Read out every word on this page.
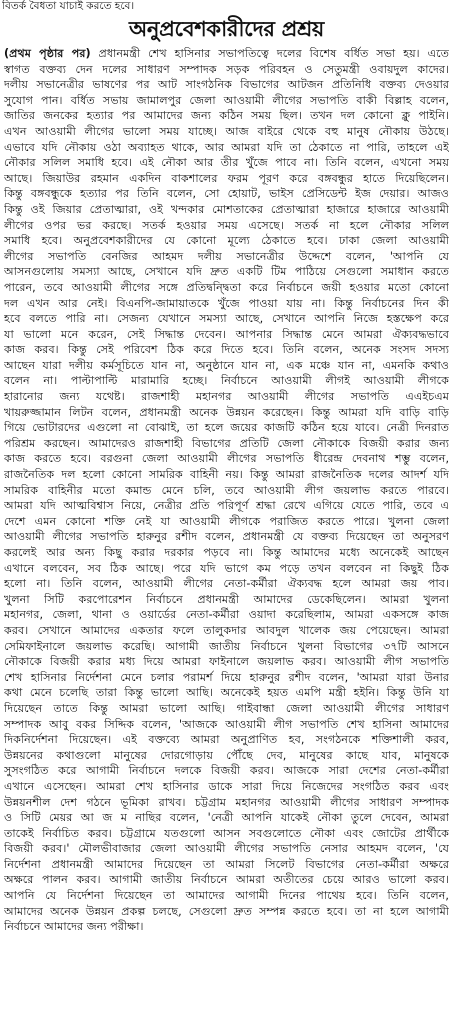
বিতর্ক বৈধতা যাচাই করতে হবে।
অনুপ্রবেশকারীদের প্রশ্রয়
(প্রথম পৃষ্ঠার পর) প্রধানমন্ত্রী শেখ হাসিনার সভাপতিত্বে দলের বিশেষ বর্ধিত সভা হয়। এতে
স্বাগত বক্তব্য দেন দলের সাধারণ সম্পাদক সড়ক পরিবহন ও সেতুমন্ত্রী ওবায়দুল কাদের।
দলীয় সভানেত্রীর ভাষণের পর আট সাংগঠনিক বিভাগের আটজন প্রতিনিধি বক্তব্য দেওয়ার
সুযোগ পান। বর্ধিত সভায় জামালপুর জেলা আওয়ামী লীগের সভাপতি বাকী বিল্লাহ বলেন,
জাতির জনকের হত্যার পর আমাদের জন্য কঠিন সময় ছিল। তখন দল কোনো ক্লু পাইনি।
এখন আওয়ামী লীগের ভালো সময় যাচ্ছে। আজ বাইরে থেকে বহু মানুষ নৌকায় উঠছে।
এভাবে যদি নৌকায় ওঠা অব্যাহত থাকে, আর আমরা যদি তা ঠেকাতে না পারি, তাহলে এই
নৌকার সলিল সমাধি হবে। এই নৌকা আর তীর খুঁজে পাবে না। তিনি বলেন, এখনো সময়
আছে। জিয়াউর রহমান একদিন বাকশালের ফরম পূরণ করে বঙ্গবন্ধুর হাতে দিয়েছিলেন।
কিন্তু বঙ্গবন্ধুকে হত্যার পর তিনি বলেন, সো হোয়াট, ভাইস প্রেসিডেন্ট ইজ দেয়ার। আজও
কিন্তু ওই জিয়ার প্রেতাত্মারা, ওই খন্দকার মোশতাকের প্রেতাত্মারা হাজারে হাজারে আওয়ামী
লীগের ওপর ভর করছে। সতর্ক হওয়ার সময় এসেছে। সতর্ক না হলে নৌকার সলিল
সমাধি হবে। অনুপ্রবেশকারীদের যে কোনো মূল্যে ঠেকাতে হবে। ঢাকা জেলা আওয়ামী
লীগের সভাপতি বেনজির আহমদ দলীয় সভানেত্রীর উদ্দেশে বলেন, 'আপনি যে
আসনগুলোয় সমস্যা আছে, সেখানে যদি দ্রুত একটি টিম পাঠিয়ে সেগুলো সমাধান করতে
পারেন, তবে আওয়ামী লীগের সঙ্গে প্রতিদ্বন্দ্বিতা করে নির্বাচনে জয়ী হওয়ার মতো কোনো
দল এখন আর নেই। বিএনপি-জামায়াতকে খুঁজে পাওয়া যায় না। কিন্তু নির্বাচনের দিন কী
হবে বলতে পারি না। সেজন্য যেখানে সমস্যা আছে, সেখানে আপনি নিজে হস্তক্ষেপ করে
যা ভালো মনে করেন, সেই সিদ্ধান্ত দেবেন। আপনার সিদ্ধান্ত মেনে আমরা ঐক্যবদ্ধভাবে
কাজ করব। কিন্তু সেই পরিবেশ ঠিক করে দিতে হবে। তিনি বলেন, অনেক সংসদ সদস্য
আছেন যারা দলীয় কর্মসূচিতে যান না, অনুষ্ঠানে যান না, এক মঞ্চে যান না, এমনকি কথাও
বলেন না। পাল্টাপাল্টি মারামারি হচ্ছে। নির্বাচনে আওয়ামী লীগই আওয়ামী লীগকে
হারানোর জন্য যথেষ্ট। রাজশাহী মহানগর আওয়ামী লীগের সভাপতি এএইচএম
খায়রুজ্জামান লিটন বলেন, প্রধানমন্ত্রী অনেক উন্নয়ন করেছেন। কিন্তু আমরা যদি বাড়ি বাড়ি
গিয়ে ভোটারদের এগুলো না বোঝাই, তা হলে জয়ের কাজটি কঠিন হয়ে যাবে। নেত্রী দিনরাত
পরিশ্রম করছেন। আমাদেরও রাজশাহী বিভাগের প্রতিটি জেলা নৌকাকে বিজয়ী করার জন্য
কাজ করতে হবে। বরগুনা জেলা আওয়ামী লীগের সভাপতি ধীরেন্দ্র দেবনাথ শম্ভু বলেন,
রাজনৈতিক দল হলো কোনো সামরিক বাহিনী নয়। কিন্তু আমরা রাজনৈতিক দলের আদর্শ যদি
সামরিক বাহিনীর মতো কমান্ড মেনে চলি, তবে আওয়ামী লীগ জয়লাভ করতে পারবে।
আমরা যদি আত্মবিশ্বাস নিয়ে, নেত্রীর প্রতি পরিপূর্ণ শ্রদ্ধা রেখে এগিয়ে যেতে পারি, তবে এ
দেশে এমন কোনো শক্তি নেই যা আওয়ামী লীগকে পরাজিত করতে পারে। খুলনা জেলা
আওয়ামী লীগের সভাপতি হারুনুর রশীদ বলেন, প্রধানমন্ত্রী যে বক্তব্য দিয়েছেন তা অনুসরণ
করলেই আর অন্য কিছু করার দরকার পড়বে না। কিন্তু আমাদের মধ্যে অনেকেই আছেন
এখানে বলবেন, সব ঠিক আছে। পরে যদি ভাগে কম পড়ে তখন বলবেন না কিছুই ঠিক
হলো না। তিনি বলেন, আওয়ামী লীগের নেতা-কর্মীরা ঐক্যবদ্ধ হলে আমরা জয় পাব।
খুলনা সিটি করপোরেশন নির্বাচনে প্রধানমন্ত্রী আমাদের ডেকেছিলেন। আমরা খুলনা
মহানগর, জেলা, থানা ও ওয়ার্ডের নেতা-কর্মীরা ওয়াদা করেছিলাম, আমরা একসঙ্গে কাজ
করব। সেখানে আমাদের একতার ফলে তালুকদার আবদুল খালেক জয় পেয়েছেন। আমরা
সেমিফাইনালে জয়লাভ করেছি। আগামী জাতীয় নির্বাচনে খুলনা বিভাগের ৩৭টি আসনে
নৌকাকে বিজয়ী করার মধ্য দিয়ে আমরা ফাইনালে জয়লাভ করব। আওয়ামী লীগ সভাপতি
শেখ হাসিনার নির্দেশনা মেনে চলার পরামর্শ দিয়ে হারুনুর রশীদ বলেন, 'আমরা যারা উনার
কথা মেনে চলেছি তারা কিন্তু ভালো আছি। অনেকেই হয়ত এমপি মন্ত্রী হইনি। কিন্তু উনি যা
দিয়েছেন তাতে কিন্তু আমরা ভালো আছি। গাইবান্ধা জেলা আওয়ামী লীগের সাধারণ
সম্পাদক আবু বকর সিদ্দিক বলেন, 'আজকে আওয়ামী লীগ সভাপতি শেখ হাসিনা আমাদের
দিকনির্দেশনা দিয়েছেন। এই বক্তব্যে আমরা অনুপ্রাণিত হব, সংগঠনকে শক্তিশালী করব,
উন্নয়নের কথাগুলো মানুষের দোরগোড়ায় পৌঁছে দেব, মানুষের কাছে যাব, মানুষকে
সুসংগঠিত করে আগামী নির্বাচনে দলকে বিজয়ী করব। আজকে সারা দেশের নেতা-কর্মীরা
এখানে এসেছেন। আমরা শেখ হাসিনার ডাকে সারা দিয়ে নিজেদের সংগঠিত করব এবং
উন্নয়নশীল দেশ গঠনে ভূমিকা রাখব। চট্টগ্রাম মহানগর আওয়ামী লীগের সাধারণ সম্পাদক
ও সিটি মেয়র আ জ ম নাছির বলেন, 'নেত্রী আপনি যাকেই নৌকা তুলে দেবেন, আমরা
তাকেই নির্বাচিত করব। চট্টগ্রামে যতগুলো আসন সবগুলোতে নৌকা এবং জোটের প্রার্থীকে
বিজয়ী করব।' মৌলভীবাজার জেলা আওয়ামী লীগের সভাপতি নেসার আহমদ বলেন, 'যে
নির্দেশনা প্রধানমন্ত্রী আমাদের দিয়েছেন তা আমরা সিলেট বিভাগের নেতা-কর্মীরা অক্ষরে
অক্ষরে পালন করব। আগামী জাতীয় নির্বাচনে আমরা অতীতের চেয়ে আরও ভালো করব।
আপনি যে নির্দেশনা দিয়েছেন তা আমাদের আগামী দিনের পাথেয় হবে। তিনি বলেন,
আমাদের অনেক উন্নয়ন প্রকল্প চলছে, সেগুলো দ্রুত সম্পন্ন করতে হবে। তা না হলে আগামী
নির্বাচনে আমাদের জন্য পরীক্ষা।
